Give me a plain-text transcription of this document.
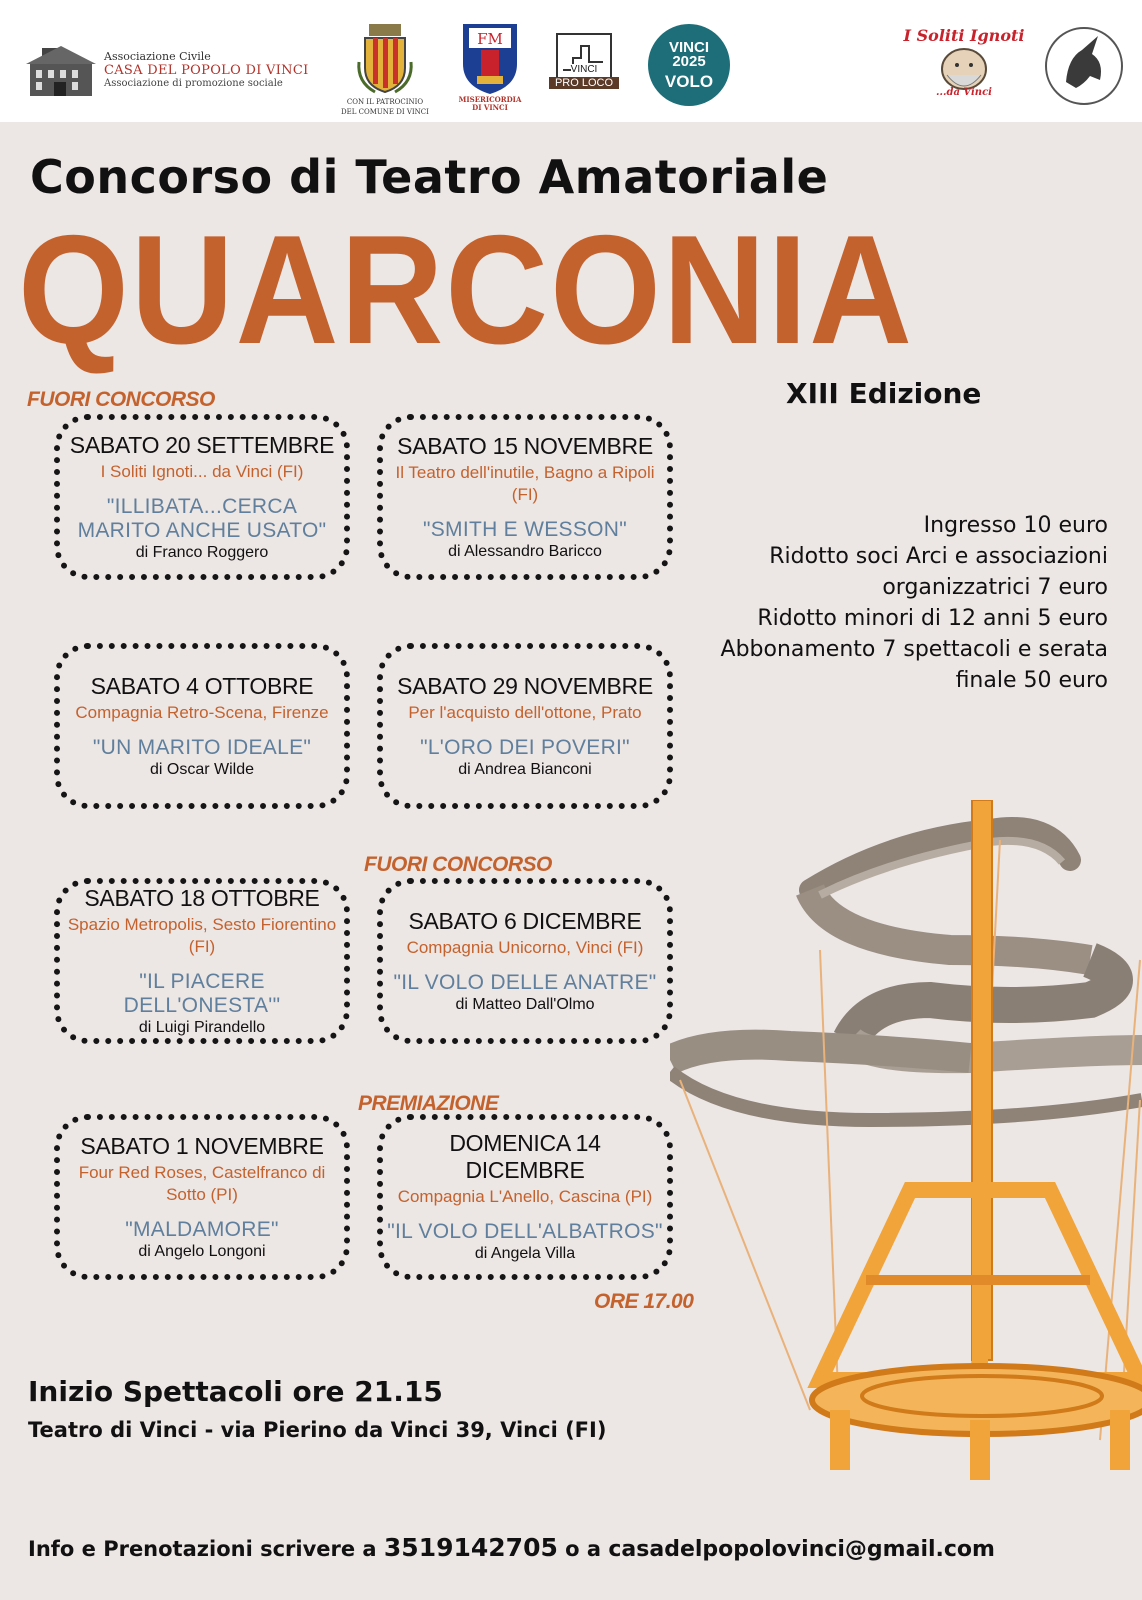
Associazione Civile
CASA DEL POPOLO DI VINCI
Associazione di promozione sociale
CON IL PATROCINIO
DEL COMUNE DI VINCI
FM
MISERICORDIA
DI VINCI
VINCI
PRO LOCO
VINCI
2025
VOLO
I Soliti Ignoti
...da Vinci
Concorso di Teatro Amatoriale
QUARCONIA
XIII Edizione
FUORI CONCORSO
FUORI CONCORSO
PREMIAZIONE
ORE 17.00
SABATO 20 SETTEMBRE
I Soliti Ignoti... da Vinci (FI)
"ILLIBATA...CERCA MARITO ANCHE USATO"
di Franco Roggero
SABATO 15 NOVEMBRE
Il Teatro dell'inutile, Bagno a Ripoli (FI)
"SMITH E WESSON"
di Alessandro Baricco
SABATO 4 OTTOBRE
Compagnia Retro-Scena, Firenze
"UN MARITO IDEALE"
di Oscar Wilde
SABATO 29 NOVEMBRE
Per l'acquisto dell'ottone, Prato
"L'ORO DEI POVERI"
di Andrea Bianconi
SABATO 18 OTTOBRE
Spazio Metropolis, Sesto Fiorentino (FI)
"IL PIACERE DELL'ONESTA'"
di Luigi Pirandello
SABATO 6 DICEMBRE
Compagnia Unicorno, Vinci (FI)
"IL VOLO DELLE ANATRE"
di Matteo Dall'Olmo
SABATO 1 NOVEMBRE
Four Red Roses, Castelfranco di Sotto (PI)
"MALDAMORE"
di Angelo Longoni
DOMENICA 14 DICEMBRE
Compagnia L'Anello, Cascina (PI)
"IL VOLO DELL'ALBATROS"
di Angela Villa
Ingresso 10 euro
Ridotto soci Arci e associazioni
organizzatrici 7 euro
Ridotto minori di 12 anni 5 euro
Abbonamento 7 spettacoli e serata
finale 50 euro
Inizio Spettacoli ore 21.15
Teatro di Vinci - via Pierino da Vinci 39, Vinci (FI)
Info e Prenotazioni scrivere a 3519142705 o a casadelpopolovinci@gmail.com
